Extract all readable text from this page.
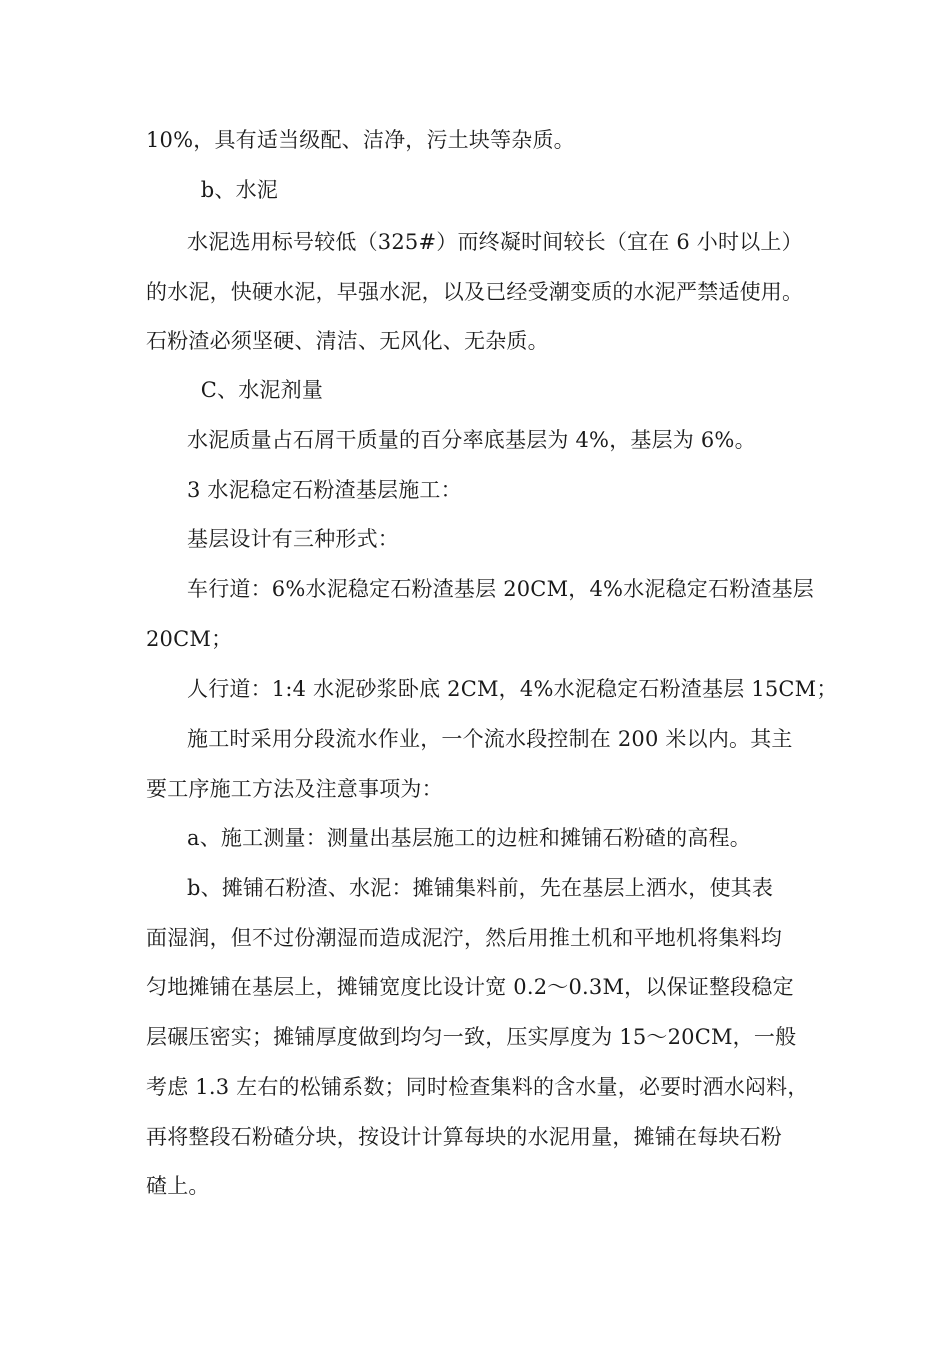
10%，具有适当级配、洁净，污土块等杂质。
b、水泥
水泥选用标号较低（325#）而终凝时间较长（宜在 6 小时以上）
的水泥，快硬水泥，早强水泥，以及已经受潮变质的水泥严禁适使用。
石粉渣必须坚硬、清洁、无风化、无杂质。
C、水泥剂量
水泥质量占石屑干质量的百分率底基层为 4%，基层为 6%。
3 水泥稳定石粉渣基层施工：
基层设计有三种形式：
车行道：6%水泥稳定石粉渣基层 20CM，4%水泥稳定石粉渣基层
20CM；
人行道：1:4 水泥砂浆卧底 2CM，4%水泥稳定石粉渣基层 15CM；
施工时采用分段流水作业，一个流水段控制在 200 米以内。其主
要工序施工方法及注意事项为：
a、施工测量：测量出基层施工的边桩和摊铺石粉碴的高程。
b、摊铺石粉渣、水泥：摊铺集料前，先在基层上洒水，使其表
面湿润，但不过份潮湿而造成泥泞，然后用推土机和平地机将集料均
匀地摊铺在基层上，摊铺宽度比设计宽 0.2～0.3M，以保证整段稳定
层碾压密实；摊铺厚度做到均匀一致，压实厚度为 15～20CM，一般
考虑 1.3 左右的松铺系数；同时检查集料的含水量，必要时洒水闷料，
再将整段石粉碴分块，按设计计算每块的水泥用量，摊铺在每块石粉
碴上。
